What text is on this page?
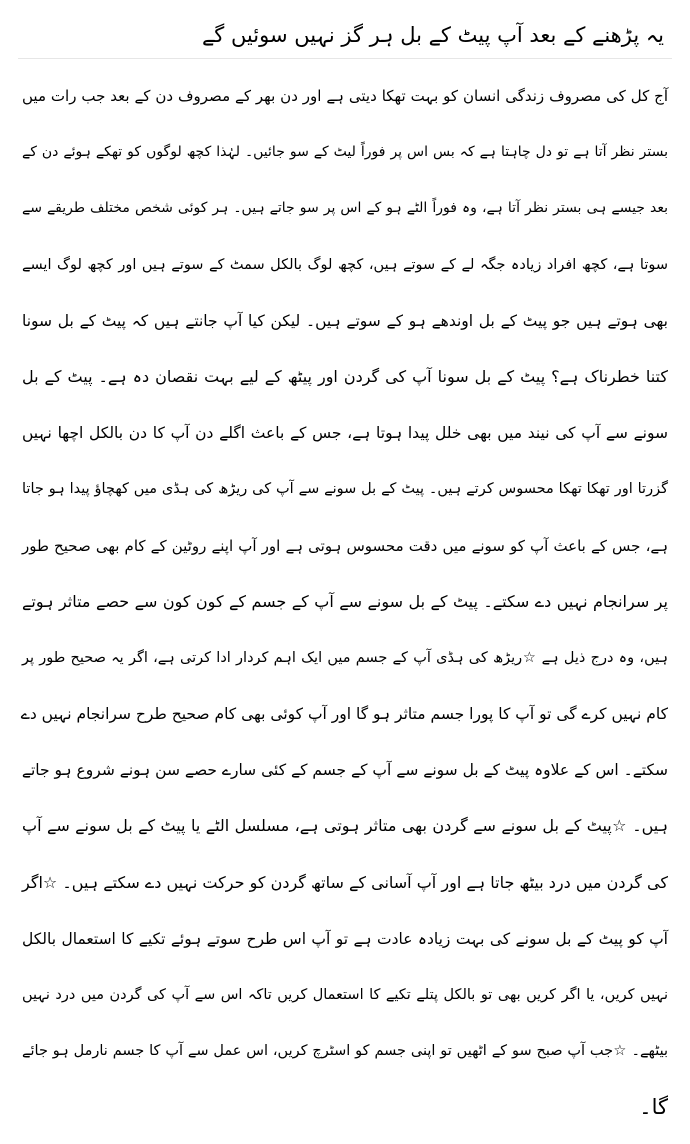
یہ پڑھنے کے بعد آپ پیٹ کے بل ہر گز نہیں سوئیں گے
آج کل کی مصروف زندگی انسان کو بہت تھکا دیتی ہے اور دن بھر کے مصروف دن کے بعد جب رات میں
بستر نظر آتا ہے تو دل چاہتا ہے کہ بس اس پر فوراً لیٹ کے سو جائیں۔ لہٰذا کچھ لوگوں کو تھکے ہوئے دن کے
بعد جیسے ہی بستر نظر آتا ہے، وہ فوراً الٹے ہو کے اس پر سو جاتے ہیں۔ ہر کوئی شخص مختلف طریقے سے
سوتا ہے، کچھ افراد زیادہ جگہ لے کے سوتے ہیں، کچھ لوگ بالکل سمٹ کے سوتے ہیں اور کچھ لوگ ایسے
بھی ہوتے ہیں جو پیٹ کے بل اوندھے ہو کے سوتے ہیں۔ لیکن کیا آپ جانتے ہیں کہ پیٹ کے بل سونا
کتنا خطرناک ہے؟ پیٹ کے بل سونا آپ کی گردن اور پیٹھ کے لیے بہت نقصان دہ ہے۔ پیٹ کے بل
سونے سے آپ کی نیند میں بھی خلل پیدا ہوتا ہے، جس کے باعث اگلے دن آپ کا دن بالکل اچھا نہیں
گزرتا اور تھکا تھکا محسوس کرتے ہیں۔ پیٹ کے بل سونے سے آپ کی ریڑھ کی ہڈی میں کھچاؤ پیدا ہو جاتا
ہے، جس کے باعث آپ کو سونے میں دقت محسوس ہوتی ہے اور آپ اپنے روٹین کے کام بھی صحیح طور
پر سرانجام نہیں دے سکتے۔ پیٹ کے بل سونے سے آپ کے جسم کے کون کون سے حصے متاثر ہوتے
ہیں، وہ درج ذیل ہے ☆ریڑھ کی ہڈی آپ کے جسم میں ایک اہم کردار ادا کرتی ہے، اگر یہ صحیح طور پر
کام نہیں کرے گی تو آپ کا پورا جسم متاثر ہو گا اور آپ کوئی بھی کام صحیح طرح سرانجام نہیں دے
سکتے۔ اس کے علاوہ پیٹ کے بل سونے سے آپ کے جسم کے کئی سارے حصے سن ہونے شروع ہو جاتے
ہیں۔ ☆پیٹ کے بل سونے سے گردن بھی متاثر ہوتی ہے، مسلسل الٹے یا پیٹ کے بل سونے سے آپ
کی گردن میں درد بیٹھ جاتا ہے اور آپ آسانی کے ساتھ گردن کو حرکت نہیں دے سکتے ہیں۔ ☆اگر
آپ کو پیٹ کے بل سونے کی بہت زیادہ عادت ہے تو آپ اس طرح سوتے ہوئے تکیے کا استعمال بالکل
نہیں کریں، یا اگر کریں بھی تو بالکل پتلے تکیے کا استعمال کریں تاکہ اس سے آپ کی گردن میں درد نہیں
بیٹھے۔ ☆جب آپ صبح سو کے اٹھیں تو اپنی جسم کو اسٹرچ کریں، اس عمل سے آپ کا جسم نارمل ہو جائے
گا۔
